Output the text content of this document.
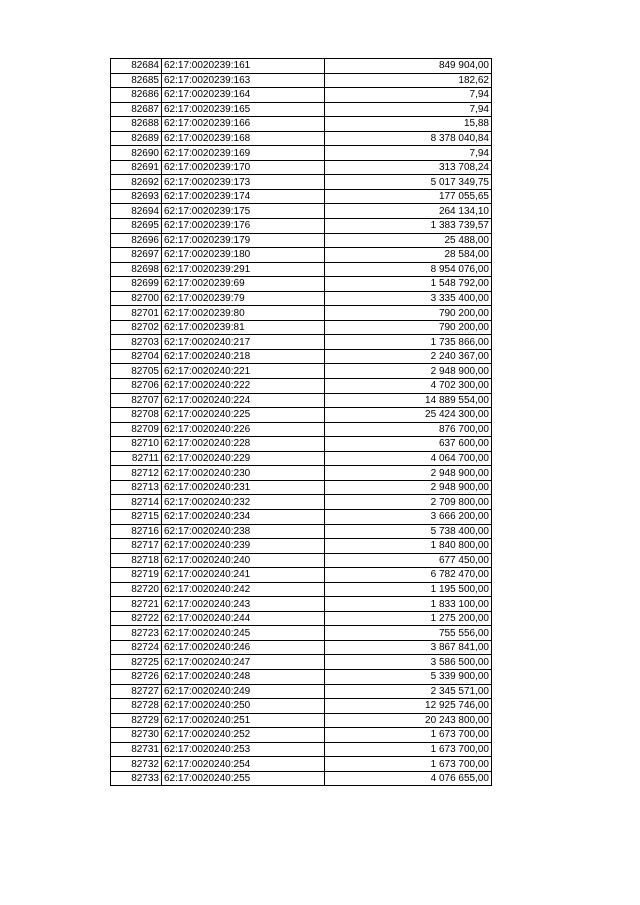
82684	62:17:0020239:161	849 904,00
82685	62:17:0020239:163	182,62
82686	62:17:0020239:164	7,94
82687	62:17:0020239:165	7,94
82688	62:17:0020239:166	15,88
82689	62:17:0020239:168	8 378 040,84
82690	62:17:0020239:169	7,94
82691	62:17:0020239:170	313 708,24
82692	62:17:0020239:173	5 017 349,75
82693	62:17:0020239:174	177 055,65
82694	62:17:0020239:175	264 134,10
82695	62:17:0020239:176	1 383 739,57
82696	62:17:0020239:179	25 488,00
82697	62:17:0020239:180	28 584,00
82698	62:17:0020239:291	8 954 076,00
82699	62:17:0020239:69	1 548 792,00
82700	62:17:0020239:79	3 335 400,00
82701	62:17:0020239:80	790 200,00
82702	62:17:0020239:81	790 200,00
82703	62:17:0020240:217	1 735 866,00
82704	62:17:0020240:218	2 240 367,00
82705	62:17:0020240:221	2 948 900,00
82706	62:17:0020240:222	4 702 300,00
82707	62:17:0020240:224	14 889 554,00
82708	62:17:0020240:225	25 424 300,00
82709	62:17:0020240:226	876 700,00
82710	62:17:0020240:228	637 600,00
82711	62:17:0020240:229	4 064 700,00
82712	62:17:0020240:230	2 948 900,00
82713	62:17:0020240:231	2 948 900,00
82714	62:17:0020240:232	2 709 800,00
82715	62:17:0020240:234	3 666 200,00
82716	62:17:0020240:238	5 738 400,00
82717	62:17:0020240:239	1 840 800,00
82718	62:17:0020240:240	677 450,00
82719	62:17:0020240:241	6 782 470,00
82720	62:17:0020240:242	1 195 500,00
82721	62:17:0020240:243	1 833 100,00
82722	62:17:0020240:244	1 275 200,00
82723	62:17:0020240:245	755 556,00
82724	62:17:0020240:246	3 867 841,00
82725	62:17:0020240:247	3 586 500,00
82726	62:17:0020240:248	5 339 900,00
82727	62:17:0020240:249	2 345 571,00
82728	62:17:0020240:250	12 925 746,00
82729	62:17:0020240:251	20 243 800,00
82730	62:17:0020240:252	1 673 700,00
82731	62:17:0020240:253	1 673 700,00
82732	62:17:0020240:254	1 673 700,00
82733	62:17:0020240:255	4 076 655,00
